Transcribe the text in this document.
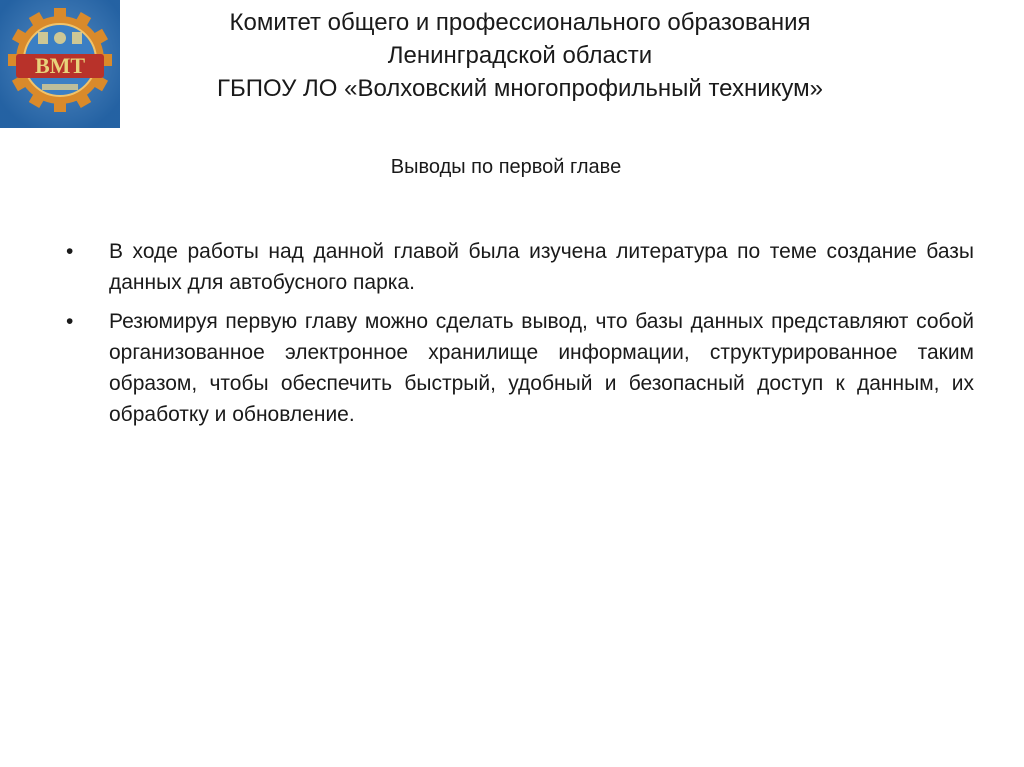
ВМТ
Комитет общего и профессионального образования
Ленинградской области
ГБПОУ ЛО «Волховский многопрофильный техникум»
Выводы по первой главе
• В ходе работы над данной главой была изучена литература по теме создание базы данных для автобусного парка.
• Резюмируя первую главу можно сделать вывод, что базы данных представляют собой организованное электронное хранилище информации, структурированное таким образом, чтобы обеспечить быстрый, удобный и безопасный доступ к данным, их обработку и обновление.
